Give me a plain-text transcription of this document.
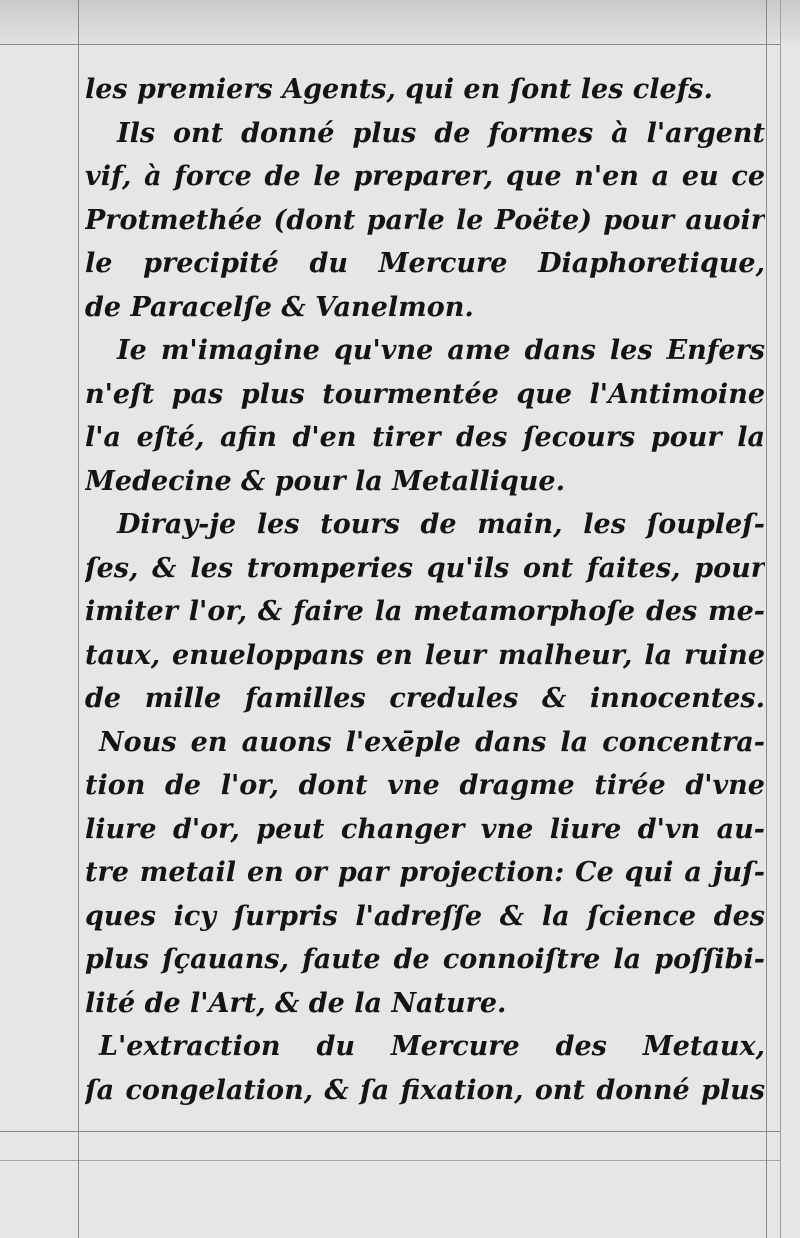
les premiers Agents, qui en ſont les clefs.
Ils ont donné plus de formes à l'argent
vif, à force de le preparer, que n'en a eu ce
Protmethée (dont parle le Poëte) pour auoir
le precipité du Mercure Diaphoretique,
de Paracelſe & Vanelmon.
Ie m'imagine qu'vne ame dans les Enfers
n'eſt pas plus tourmentée que l'Antimoine
l'a eſté, afin d'en tirer des ſecours pour la
Medecine & pour la Metallique.
Diray-je les tours de main, les ſoupleſ-
ſes, & les tromperies qu'ils ont faites, pour
imiter l'or, & faire la metamorphoſe des me-
taux, enueloppans en leur malheur, la ruine
de mille familles credules & innocentes.
Nous en auons l'exēple dans la concentra-
tion de l'or, dont vne dragme tirée d'vne
liure d'or, peut changer vne liure d'vn au-
tre metail en or par projection: Ce qui a juſ-
ques icy ſurpris l'adreſſe & la ſcience des
plus ſçauans, faute de connoiſtre la poſſibi-
lité de l'Art, & de la Nature.
L'extraction du Mercure des Metaux,
ſa congelation, & ſa fixation, ont donné plus
